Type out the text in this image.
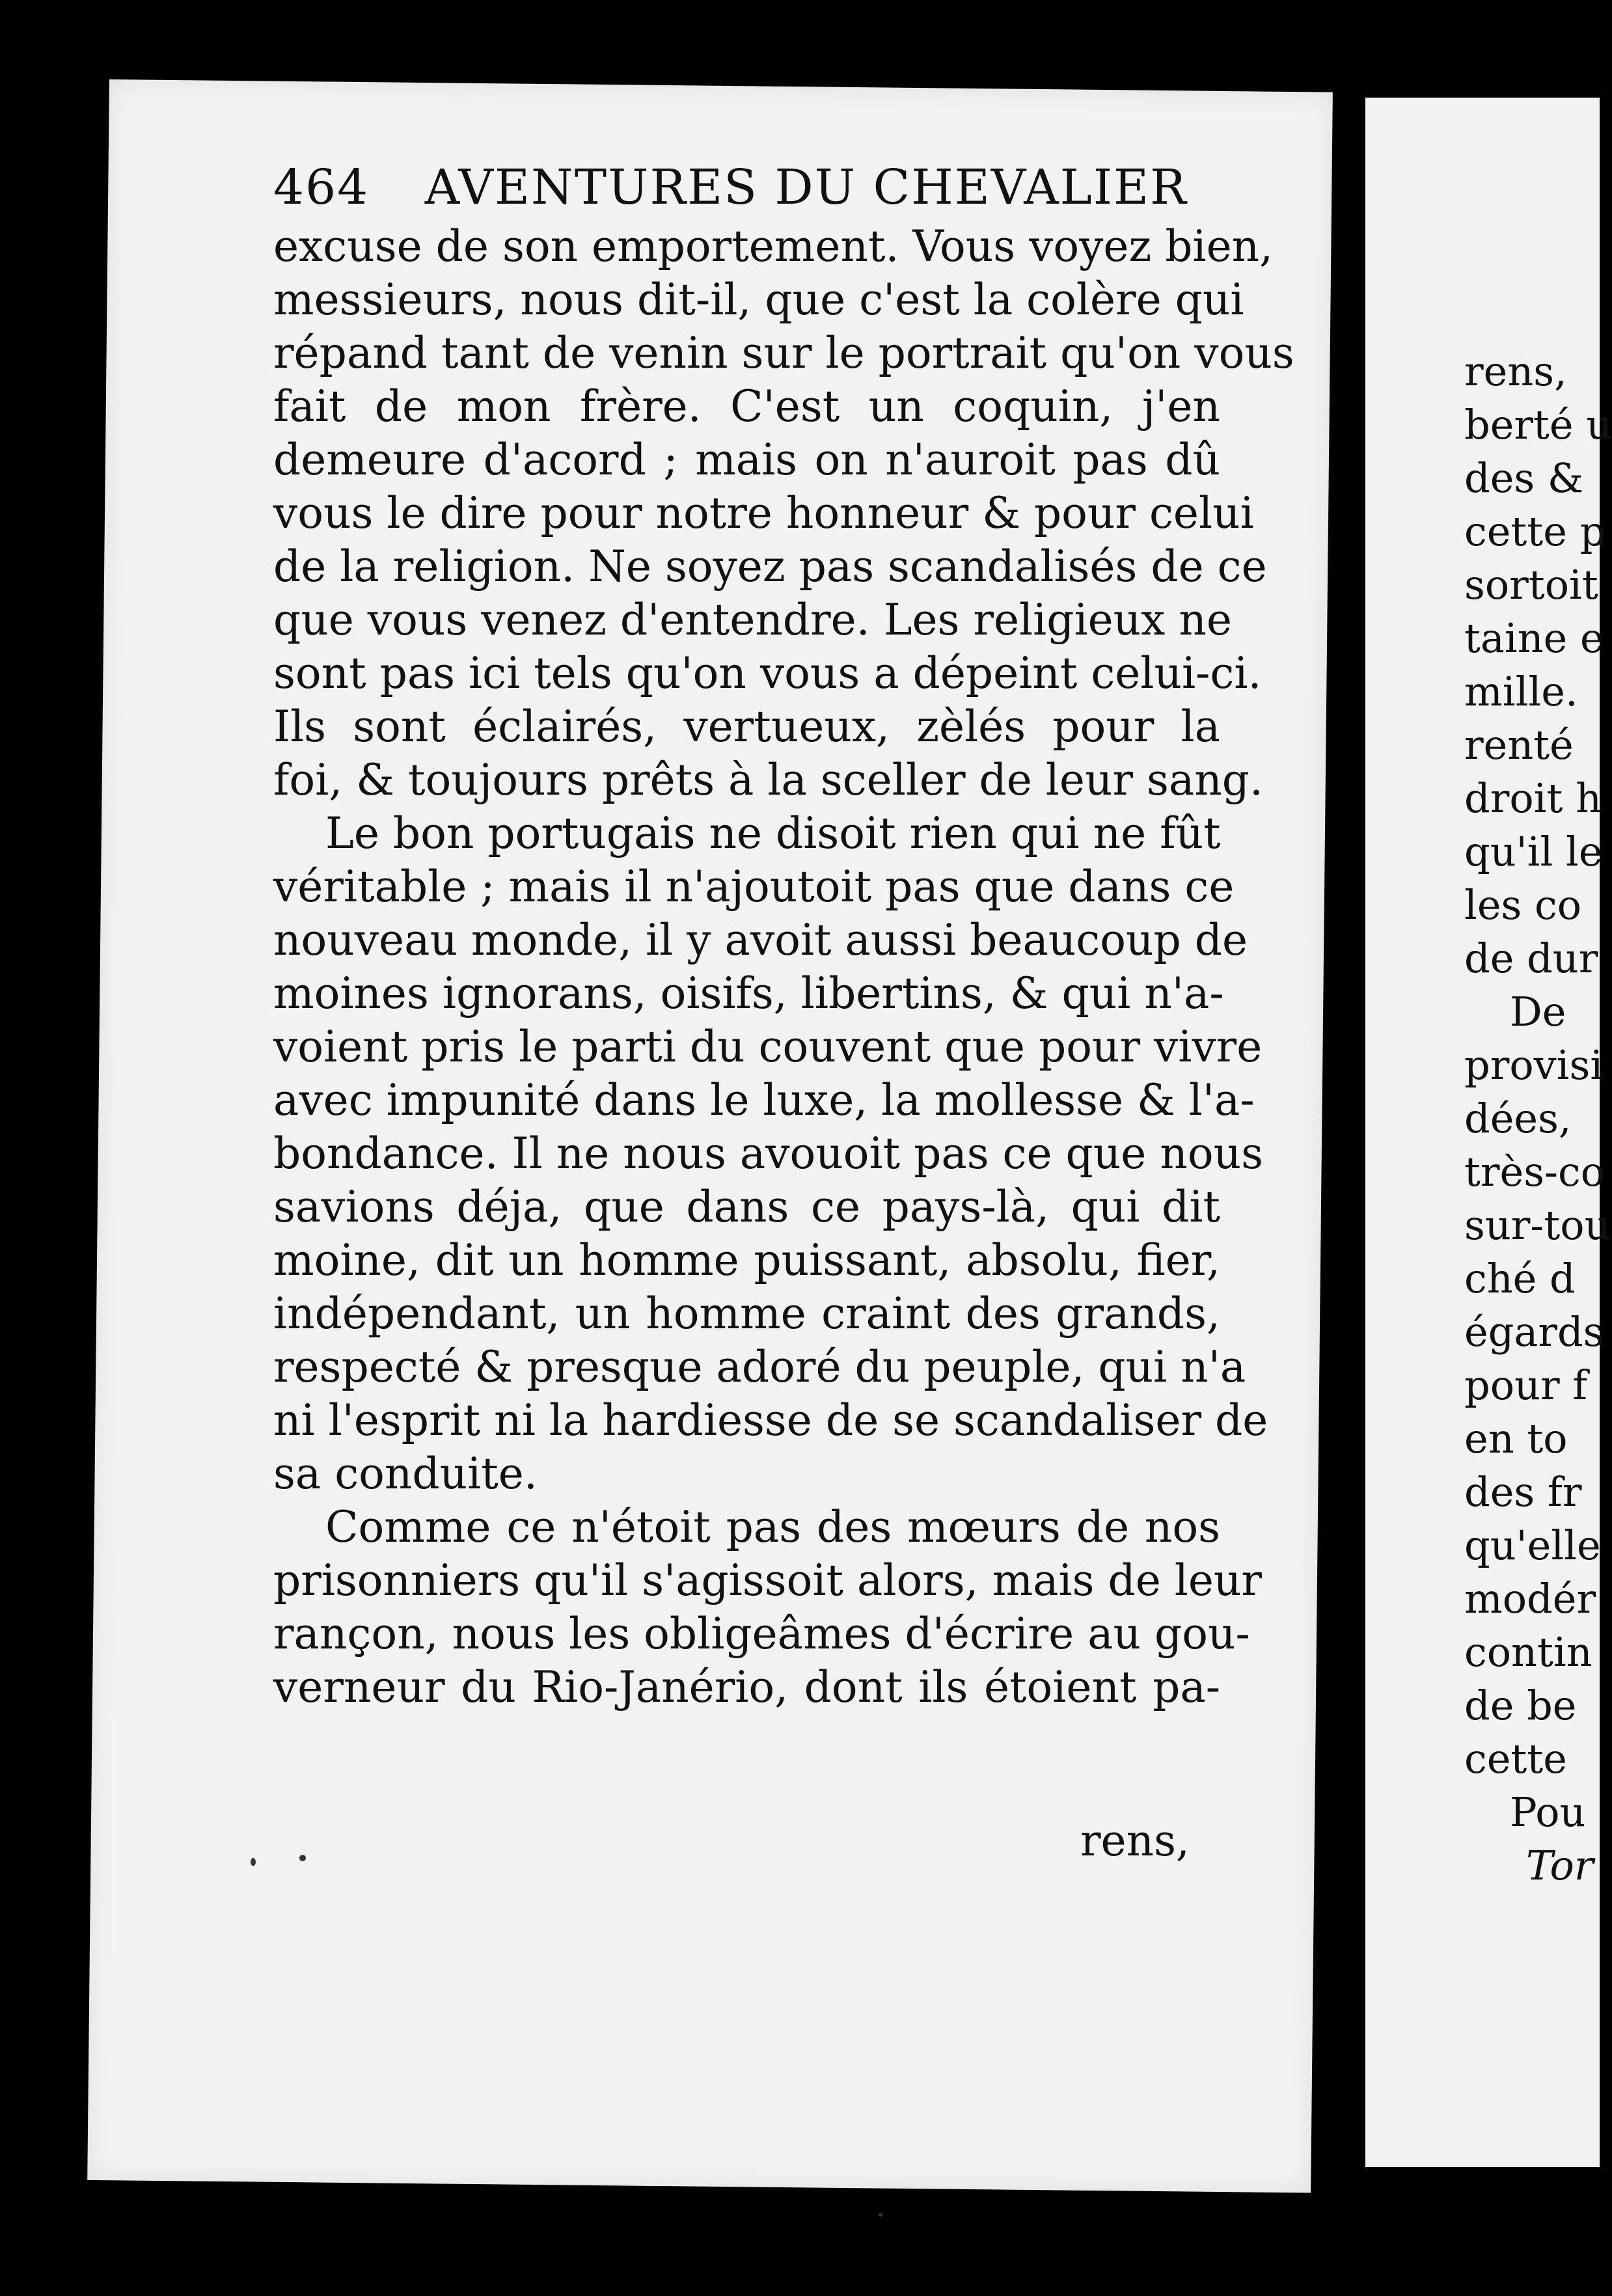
464 AVENTURES DU CHEVALIER
excuse de son emportement. Vous voyez bien,
messieurs, nous dit-il, que c'est la colère qui
répand tant de venin sur le portrait qu'on vous
fait de mon frère. C'est un coquin, j'en
demeure d'acord ; mais on n'auroit pas dû
vous le dire pour notre honneur & pour celui
de la religion. Ne soyez pas scandalisés de ce
que vous venez d'entendre. Les religieux ne
sont pas ici tels qu'on vous a dépeint celui-ci.
Ils sont éclairés, vertueux, zèlés pour la
foi, & toujours prêts à la sceller de leur sang.
Le bon portugais ne disoit rien qui ne fût
véritable ; mais il n'ajoutoit pas que dans ce
nouveau monde, il y avoit aussi beaucoup de
moines ignorans, oisifs, libertins, & qui n'a-
voient pris le parti du couvent que pour vivre
avec impunité dans le luxe, la mollesse & l'a-
bondance. Il ne nous avouoit pas ce que nous
savions déja, que dans ce pays-là, qui dit
moine, dit un homme puissant, absolu, fier,
indépendant, un homme craint des grands,
respecté & presque adoré du peuple, qui n'a
ni l'esprit ni la hardiesse de se scandaliser de
sa conduite.
Comme ce n'étoit pas des mœurs de nos
prisonniers qu'il s'agissoit alors, mais de leur
rançon, nous les obligeâmes d'écrire au gou-
verneur du Rio-Janério, dont ils étoient pa-
rens,
rens,
berté u
des &
cette p
sortoit
taine e
mille.
renté
droit h
qu'il le
les co
de dur
De
provisi
dées,
très-co
sur-tou
ché d
égards
pour f
en to
des fr
qu'elle
modér
contin
de be
cette
Pou
Tor
